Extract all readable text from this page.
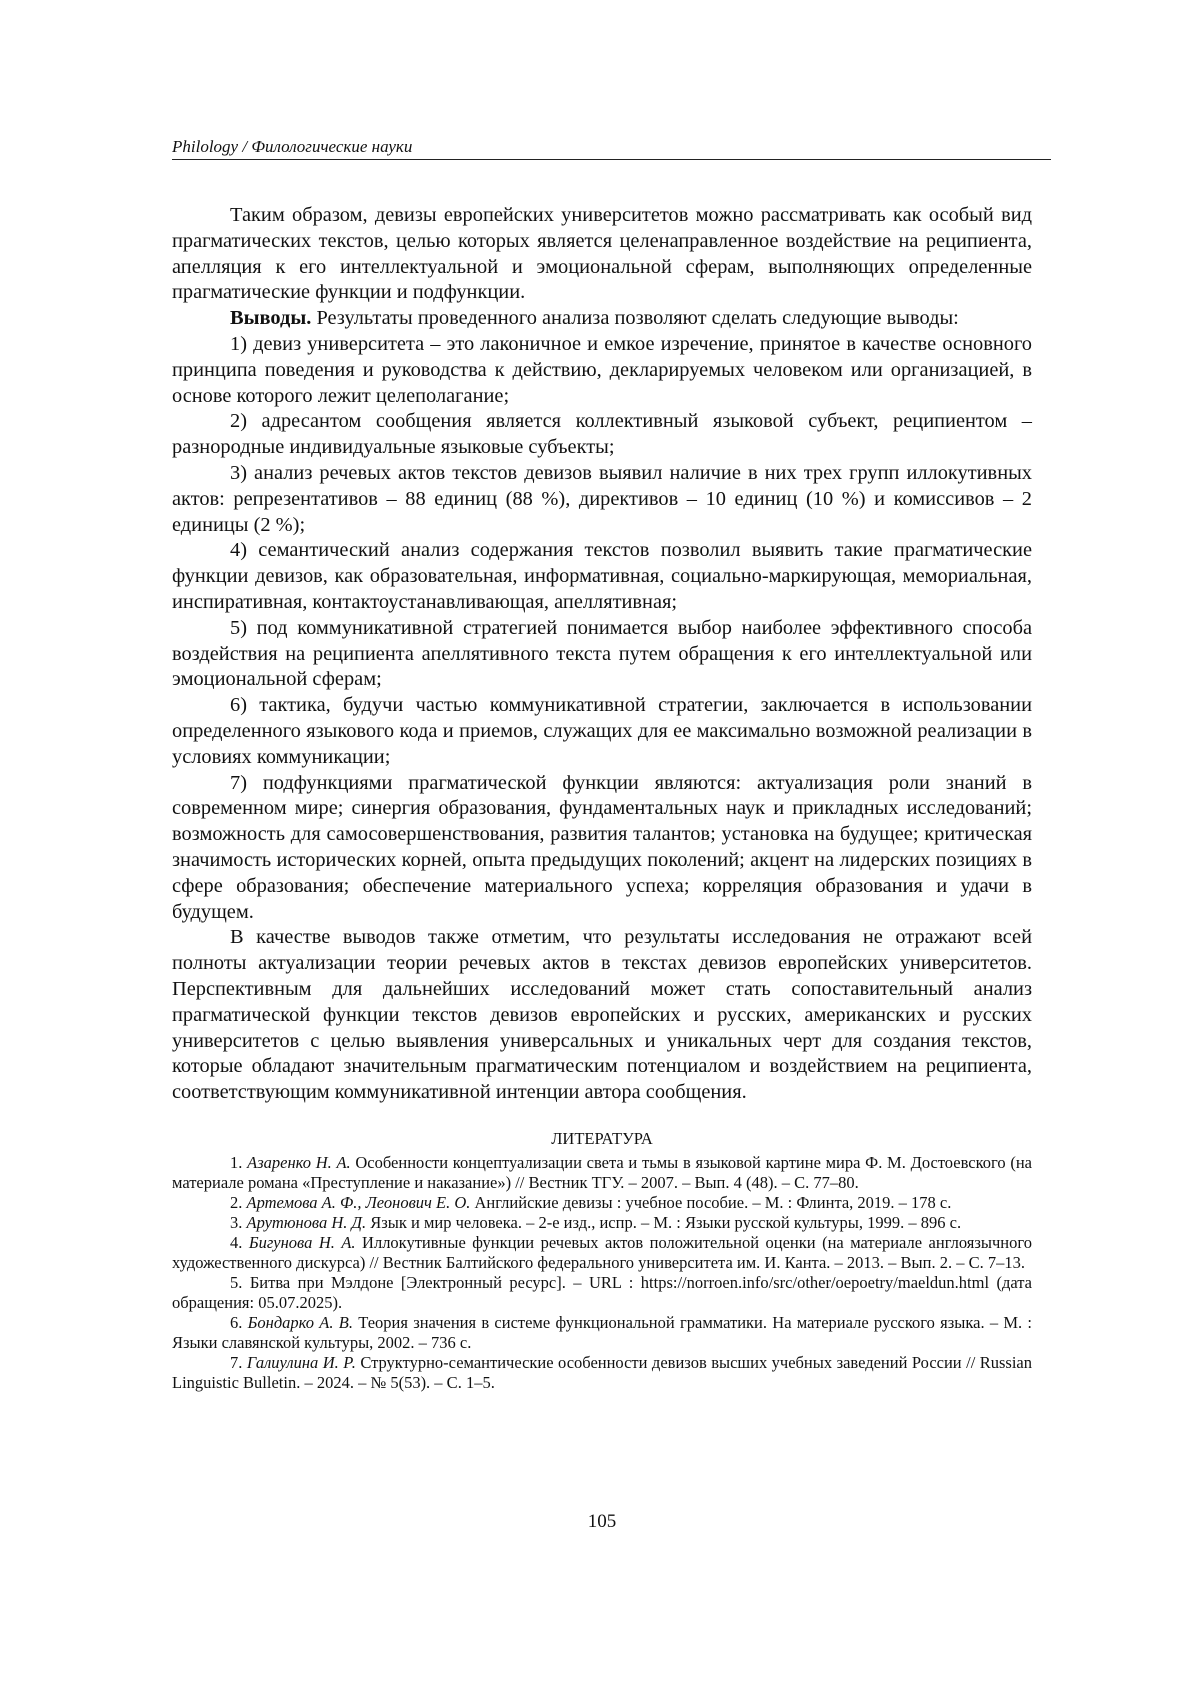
Philology / Филологические науки

Таким образом, девизы европейских университетов можно рассматривать как особый вид прагматических текстов, целью которых является целенаправленное воздействие на реципиента, апелляция к его интеллектуальной и эмоциональной сферам, выполняющих определенные прагматические функции и подфункции.

Выводы. Результаты проведенного анализа позволяют сделать следующие выводы:

1) девиз университета – это лаконичное и емкое изречение, принятое в качестве основного принципа поведения и руководства к действию, декларируемых человеком или организацией, в основе которого лежит целеполагание;

2) адресантом сообщения является коллективный языковой субъект, реципиентом – разнородные индивидуальные языковые субъекты;

3) анализ речевых актов текстов девизов выявил наличие в них трех групп иллокутивных актов: репрезентативов – 88 единиц (88 %), директивов – 10 единиц (10 %) и комиссивов – 2 единицы (2 %);

4) семантический анализ содержания текстов позволил выявить такие прагматические функции девизов, как образовательная, информативная, социально-маркирующая, мемориальная, инспиративная, контактоустанавливающая, апеллятивная;

5) под коммуникативной стратегией понимается выбор наиболее эффективного способа воздействия на реципиента апеллятивного текста путем обращения к его интеллектуальной или эмоциональной сферам;

6) тактика, будучи частью коммуникативной стратегии, заключается в использовании определенного языкового кода и приемов, служащих для ее максимально возможной реализации в условиях коммуникации;

7) подфункциями прагматической функции являются: актуализация роли знаний в современном мире; синергия образования, фундаментальных наук и прикладных исследований; возможность для самосовершенствования, развития талантов; установка на будущее; критическая значимость исторических корней, опыта предыдущих поколений; акцент на лидерских позициях в сфере образования; обеспечение материального успеха; корреляция образования и удачи в будущем.

В качестве выводов также отметим, что результаты исследования не отражают всей полноты актуализации теории речевых актов в текстах девизов европейских университетов. Перспективным для дальнейших исследований может стать сопоставительный анализ прагматической функции текстов девизов европейских и русских, американских и русских университетов с целью выявления универсальных и уникальных черт для создания текстов, которые обладают значительным прагматическим потенциалом и воздействием на реципиента, соответствующим коммуникативной интенции автора сообщения.

ЛИТЕРАТУРА

1. Азаренко Н. А. Особенности концептуализации света и тьмы в языковой картине мира Ф. М. Достоевского (на материале романа «Преступление и наказание») // Вестник ТГУ. – 2007. – Вып. 4 (48). – С. 77–80.

2. Артемова А. Ф., Леонович Е. О. Английские девизы : учебное пособие. – М. : Флинта, 2019. – 178 с.

3. Арутюнова Н. Д. Язык и мир человека. – 2-е изд., испр. – М. : Языки русской культуры, 1999. – 896 с.

4. Бигунова Н. А. Иллокутивные функции речевых актов положительной оценки (на материале англоязычного художественного дискурса) // Вестник Балтийского федерального университета им. И. Канта. – 2013. – Вып. 2. – С. 7–13.

5. Битва при Мэлдоне [Электронный ресурс]. – URL : https://norroen.info/src/other/oepoetry/maeldun.html (дата обращения: 05.07.2025).

6. Бондарко А. В. Теория значения в системе функциональной грамматики. На материале русского языка. – М. : Языки славянской культуры, 2002. – 736 с.

7. Галиулина И. Р. Структурно-семантические особенности девизов высших учебных заведений России // Russian Linguistic Bulletin. – 2024. – № 5(53). – С. 1–5.

105
